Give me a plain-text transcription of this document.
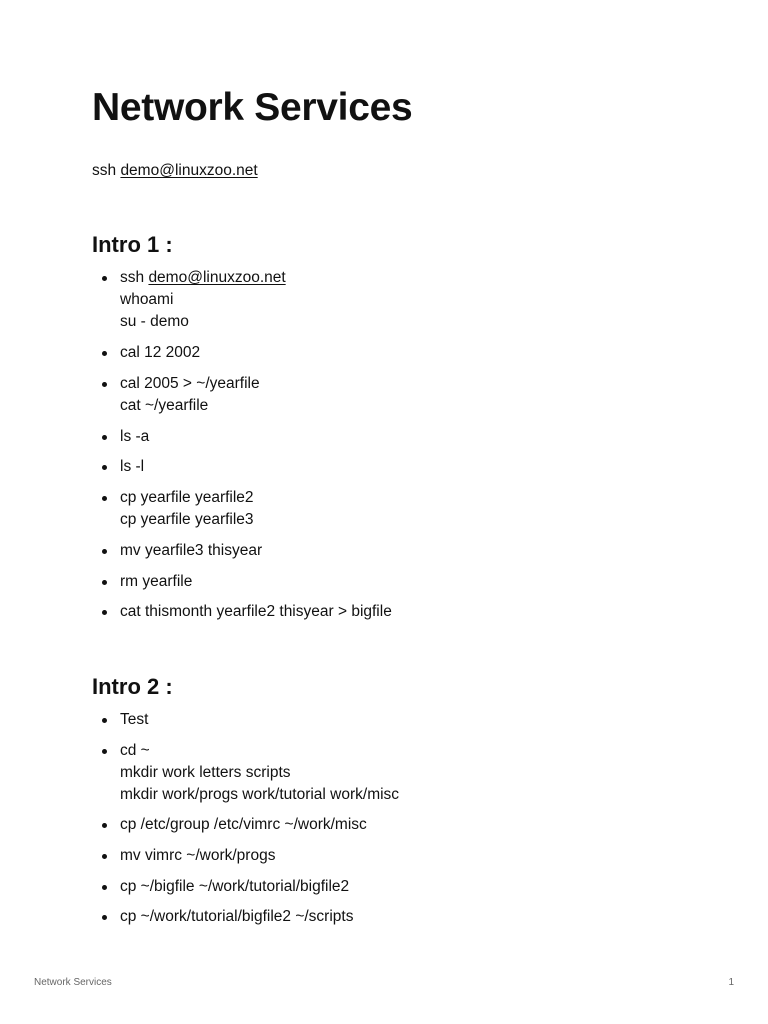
Network Services
ssh demo@linuxzoo.net
Intro 1 :
ssh demo@linuxzoo.net
whoami
su - demo
cal 12 2002
cal 2005 > ~/yearfile
cat ~/yearfile
ls -a
ls -l
cp yearfile yearfile2
cp yearfile yearfile3
mv yearfile3 thisyear
rm yearfile
cat thismonth yearfile2 thisyear > bigfile
Intro 2 :
Test
cd ~
mkdir work letters scripts
mkdir work/progs work/tutorial work/misc
cp /etc/group /etc/vimrc ~/work/misc
mv vimrc ~/work/progs
cp ~/bigfile ~/work/tutorial/bigfile2
cp ~/work/tutorial/bigfile2 ~/scripts
Network Services	1
